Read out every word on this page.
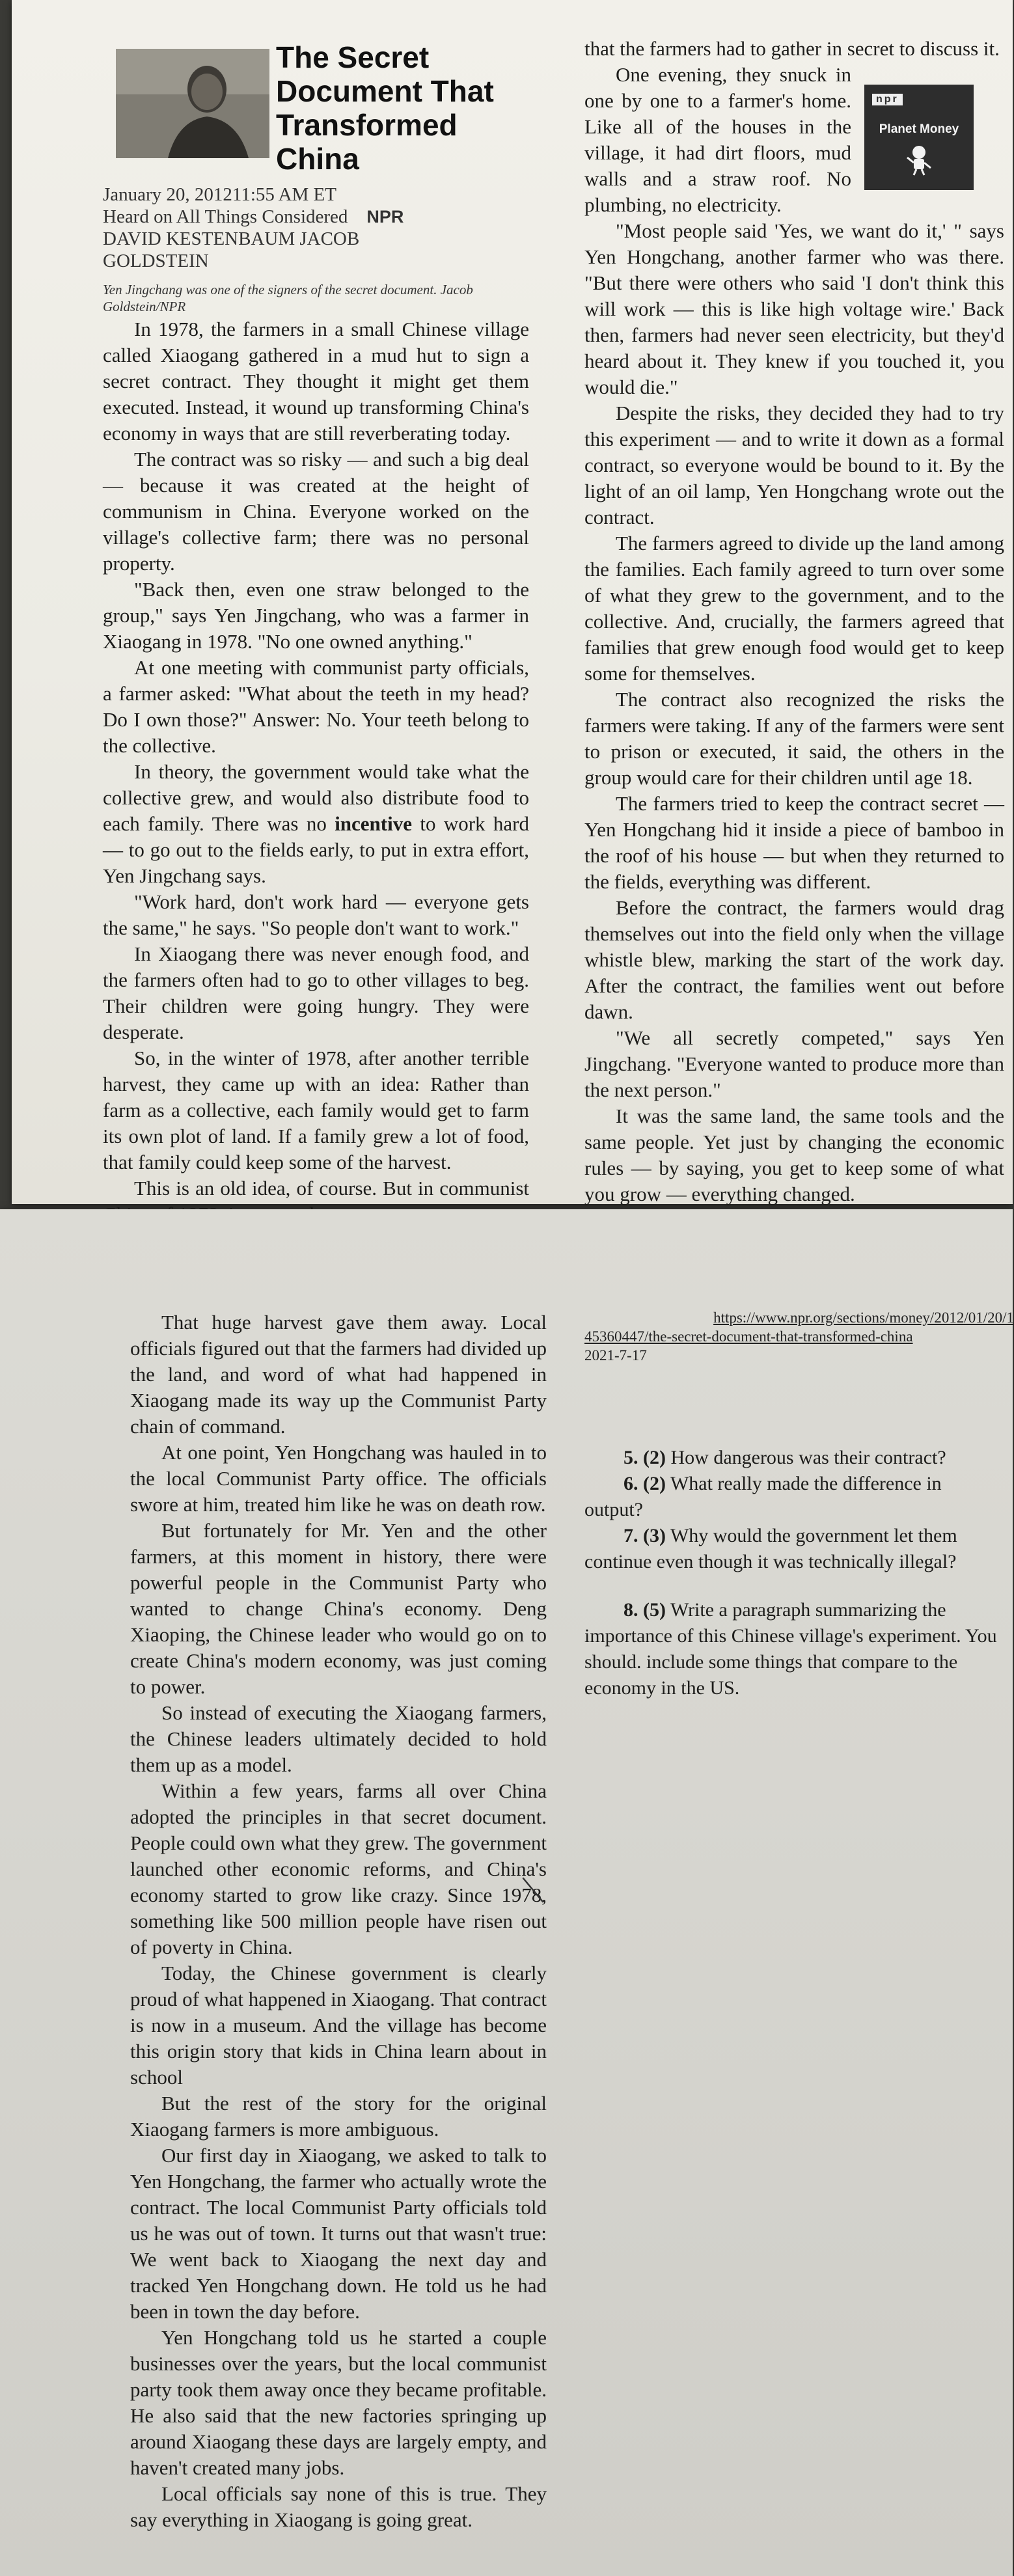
The Secret Document That Transformed China
January 20, 201211:55 AM ET
Heard on All Things Considered NPR
DAVID KESTENBAUM JACOB
GOLDSTEIN
Yen Jingchang was one of the signers of the secret document. Jacob Goldstein/NPR

In 1978, the farmers in a small Chinese village called Xiaogang gathered in a mud hut to sign a secret contract. They thought it might get them executed. Instead, it wound up transforming China's economy in ways that are still reverberating today.

The contract was so risky — and such a big deal — because it was created at the height of communism in China. Everyone worked on the village's collective farm; there was no personal property.

"Back then, even one straw belonged to the group," says Yen Jingchang, who was a farmer in Xiaogang in 1978. "No one owned anything."

At one meeting with communist party officials, a farmer asked: "What about the teeth in my head? Do I own those?" Answer: No. Your teeth belong to the collective.

In theory, the government would take what the collective grew, and would also distribute food to each family. There was no incentive to work hard — to go out to the fields early, to put in extra effort, Yen Jingchang says.

"Work hard, don't work hard — everyone gets the same," he says. "So people don't want to work."

In Xiaogang there was never enough food, and the farmers often had to go to other villages to beg. Their children were going hungry. They were desperate.

So, in the winter of 1978, after another terrible harvest, they came up with an idea: Rather than farm as a collective, each family would get to farm its own plot of land. If a family grew a lot of food, that family could keep some of the harvest.

This is an old idea, of course. But in communist

npr
Planet Money

that the farmers had to gather in secret to discuss it.

One evening, they snuck in one by one to a farmer's home. Like all of the houses in the village, it had dirt floors, mud walls and a straw roof. No plumbing, no electricity.

"Most people said 'Yes, we want do it,' " says Yen Hongchang, another farmer who was there. "But there were others who said 'I don't think this will work — this is like high voltage wire.' Back then, farmers had never seen electricity, but they'd heard about it. They knew if you touched it, you would die."

Despite the risks, they decided they had to try this experiment — and to write it down as a formal contract, so everyone would be bound to it. By the light of an oil lamp, Yen Hongchang wrote out the contract.

The farmers agreed to divide up the land among the families. Each family agreed to turn over some of what they grew to the government, and to the collective. And, crucially, the farmers agreed that families that grew enough food would get to keep some for themselves.

The contract also recognized the risks the farmers were taking. If any of the farmers were sent to prison or executed, it said, the others in the group would care for their children until age 18.

The farmers tried to keep the contract secret — Yen Hongchang hid it inside a piece of bamboo in the roof of his house — but when they returned to the fields, everything was different.

Before the contract, the farmers would drag themselves out into the field only when the village whistle blew, marking the start of the work day. After the contract, the families went out before dawn.

"We all secretly competed," says Yen Jingchang. "Everyone wanted to produce more than the next person."

It was the same land, the same tools and the same people. Yet just by changing the economic rules — by saying, you get to keep some of what you grow — everything changed.

That huge harvest gave them away. Local officials figured out that the farmers had divided up the land, and word of what had happened in Xiaogang made its way up the Communist Party chain of command.

At one point, Yen Hongchang was hauled in to the local Communist Party office. The officials swore at him, treated him like he was on death row.

But fortunately for Mr. Yen and the other farmers, at this moment in history, there were powerful people in the Communist Party who wanted to change China's economy. Deng Xiaoping, the Chinese leader who would go on to create China's modern economy, was just coming to power.

So instead of executing the Xiaogang farmers, the Chinese leaders ultimately decided to hold them up as a model.

Within a few years, farms all over China adopted the principles in that secret document. People could own what they grew. The government launched other economic reforms, and China's economy started to grow like crazy. Since 1978, something like 500 million people have risen out of poverty in China.

Today, the Chinese government is clearly proud of what happened in Xiaogang. That contract is now in a museum. And the village has become this origin story that kids in China learn about in school

But the rest of the story for the original Xiaogang farmers is more ambiguous.

Our first day in Xiaogang, we asked to talk to Yen Hongchang, the farmer who actually wrote the contract. The local Communist Party officials told us he was out of town. It turns out that wasn't true: We went back to Xiaogang the next day and tracked Yen Hongchang down. He told us he had been in town the day before.

Yen Hongchang told us he started a couple businesses over the years, but the local communist party took them away once they became profitable. He also said that the new factories springing up around Xiaogang these days are largely empty, and haven't created many jobs.

Local officials say none of this is true. They say everything in Xiaogang is going great.

https://www.npr.org/sections/money/2012/01/20/1
45360447/the-secret-document-that-transformed-china
2021-7-17

5. (2) How dangerous was their contract?

6. (2) What really made the difference in output?

7. (3) Why would the government let them continue even though it was technically illegal?

8. (5) Write a paragraph summarizing the importance of this Chinese village's experiment. You should. include some things that compare to the economy in the US.
